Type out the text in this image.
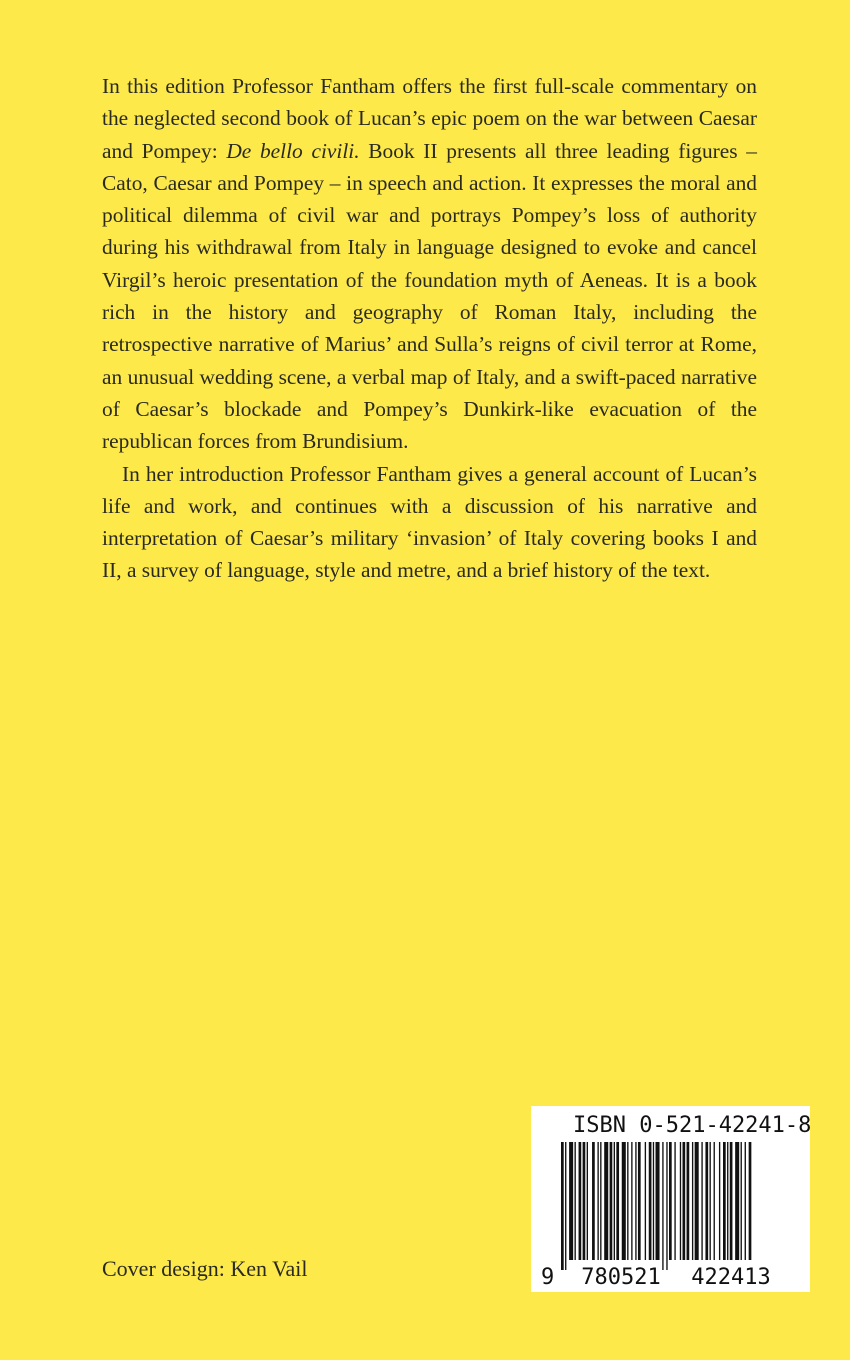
In this edition Professor Fantham offers the first full-scale commentary on the neglected second book of Lucan’s epic poem on the war between Caesar and Pompey: De bello civili. Book II presents all three leading figures – Cato, Caesar and Pompey – in speech and action. It expresses the moral and political dilemma of civil war and portrays Pompey’s loss of authority during his withdrawal from Italy in language designed to evoke and cancel Virgil’s heroic presentation of the foundation myth of Aeneas. It is a book rich in the history and geography of Roman Italy, including the retrospective narrative of Marius’ and Sulla’s reigns of civil terror at Rome, an unusual wedding scene, a verbal map of Italy, and a swift-paced narrative of Caesar’s blockade and Pompey’s Dunkirk-like evacuation of the republican forces from Brundisium.

In her introduction Professor Fantham gives a general account of Lucan’s life and work, and continues with a discussion of his narrative and interpretation of Caesar’s military ‘invasion’ of Italy covering books I and II, a survey of language, style and metre, and a brief history of the text.

Cover design: Ken Vail
ISBN 0-521-42241-8
9 780521 422413
